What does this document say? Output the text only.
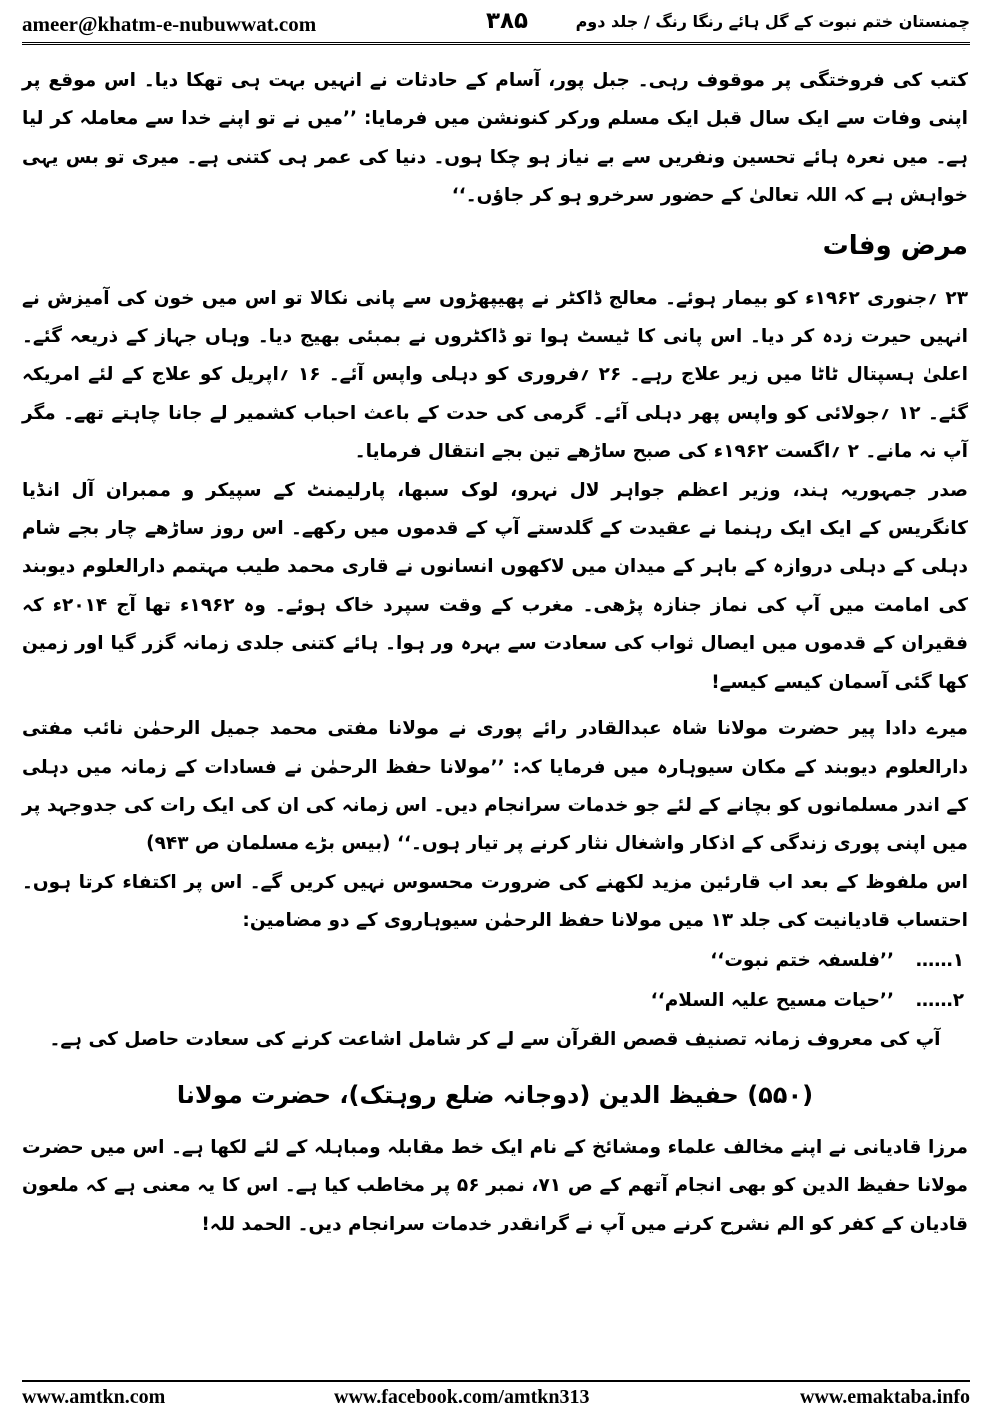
ameer@khatm-e-nubuwwat.com	۳۸۵	چمنستان ختم نبوت کے گل ہائے رنگا رنگ / جلد دوم

کتب کی فروختگی پر موقوف رہی۔ جبل پور، آسام کے حادثات نے انہیں بہت ہی تھکا دیا۔ اس موقع پر اپنی وفات سے ایک سال قبل ایک مسلم ورکر کنونشن میں فرمایا: ’’میں نے تو اپنے خدا سے معاملہ کر لیا ہے۔ میں نعرہ ہائے تحسین ونفریں سے بے نیاز ہو چکا ہوں۔ دنیا کی عمر ہی کتنی ہے۔ میری تو بس یہی خواہش ہے کہ اللہ تعالیٰ کے حضور سرخرو ہو کر جاؤں۔‘‘

مرض وفات

۲۳ ؍جنوری ۱۹۶۲ء کو بیمار ہوئے۔ معالج ڈاکٹر نے پھیپھڑوں سے پانی نکالا تو اس میں خون کی آمیزش نے انہیں حیرت زدہ کر دیا۔ اس پانی کا ٹیسٹ ہوا تو ڈاکٹروں نے بمبئی بھیج دیا۔ وہاں جہاز کے ذریعہ گئے۔ اعلیٰ ہسپتال ٹاٹا میں زیر علاج رہے۔ ۲۶ ؍فروری کو دہلی واپس آئے۔ ۱۶ ؍اپریل کو علاج کے لئے امریکہ گئے۔ ۱۲ ؍جولائی کو واپس پھر دہلی آئے۔ گرمی کی حدت کے باعث احباب کشمیر لے جانا چاہتے تھے۔ مگر آپ نہ مانے۔ ۲ ؍اگست ۱۹۶۲ء کی صبح ساڑھے تین بجے انتقال فرمایا۔

صدر جمہوریہ ہند، وزیر اعظم جواہر لال نہرو، لوک سبھا، پارلیمنٹ کے سپیکر و ممبران آل انڈیا کانگریس کے ایک ایک رہنما نے عقیدت کے گلدستے آپ کے قدموں میں رکھے۔ اس روز ساڑھے چار بجے شام دہلی کے دہلی دروازہ کے باہر کے میدان میں لاکھوں انسانوں نے قاری محمد طیب مہتمم دارالعلوم دیوبند کی امامت میں آپ کی نماز جنازہ پڑھی۔ مغرب کے وقت سپرد خاک ہوئے۔ وہ ۱۹۶۲ء تھا آج ۲۰۱۴ء کہ فقیران کے قدموں میں ایصال ثواب کی سعادت سے بہرہ ور ہوا۔ ہائے کتنی جلدی زمانہ گزر گیا اور زمین کھا گئی آسمان کیسے کیسے!

میرے دادا پیر حضرت مولانا شاہ عبدالقادر رائے پوری نے مولانا مفتی محمد جمیل الرحمٰن نائب مفتی دارالعلوم دیوبند کے مکان سیوہارہ میں فرمایا کہ: ’’مولانا حفظ الرحمٰن نے فسادات کے زمانہ میں دہلی کے اندر مسلمانوں کو بچانے کے لئے جو خدمات سرانجام دیں۔ اس زمانہ کی ان کی ایک رات کی جدوجہد پر میں اپنی پوری زندگی کے اذکار واشغال نثار کرنے پر تیار ہوں۔‘‘ (بیس بڑے مسلمان ص ۹۴۳)

اس ملفوظ کے بعد اب قارئین مزید لکھنے کی ضرورت محسوس نہیں کریں گے۔ اس پر اکتفاء کرتا ہوں۔ احتساب قادیانیت کی جلد ۱۳ میں مولانا حفظ الرحمٰن سیوہاروی کے دو مضامین:

۱……’’فلسفہ ختم نبوت‘‘
۲……’’حیات مسیح علیہ السلام‘‘

آپ کی معروف زمانہ تصنیف قصص القرآن سے لے کر شامل اشاعت کرنے کی سعادت حاصل کی ہے۔

(۵۵۰) حفیظ الدین (دوجانہ ضلع روہتک)، حضرت مولانا

مرزا قادیانی نے اپنے مخالف علماء ومشائخ کے نام ایک خط مقابلہ ومباہلہ کے لئے لکھا ہے۔ اس میں حضرت مولانا حفیظ الدین کو بھی انجام آتھم کے ص ۷۱، نمبر ۵۶ پر مخاطب کیا ہے۔ اس کا یہ معنی ہے کہ ملعون قادیان کے کفر کو الم نشرح کرنے میں آپ نے گرانقدر خدمات سرانجام دیں۔ الحمد للہ!

www.amtkn.com	www.facebook.com/amtkn313	www.emaktaba.info
